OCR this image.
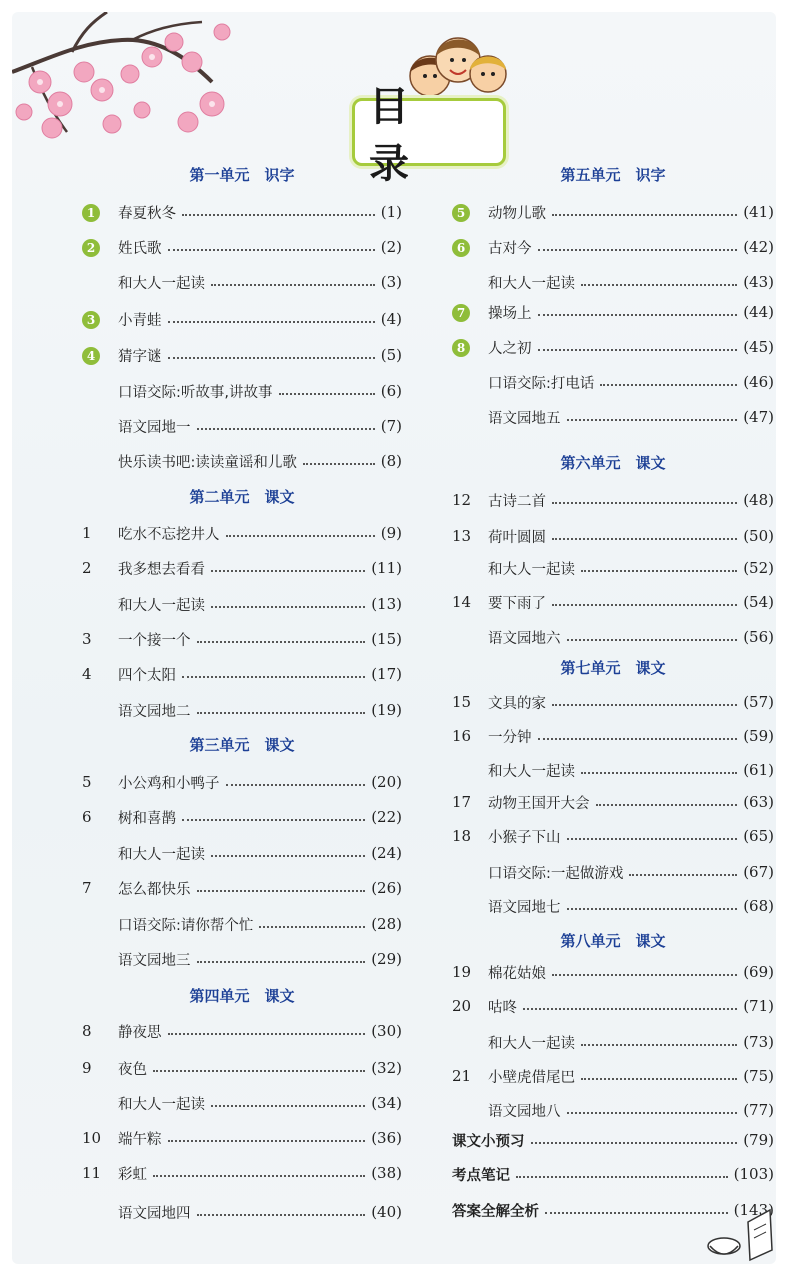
目 录
第一单元　识字
1	春夏秋冬	(1)
2	姓氏歌	(2)
和大人一起读	(3)
3	小青蛙	(4)
4	猜字谜	(5)
口语交际:听故事,讲故事	(6)
语文园地一	(7)
快乐读书吧:读读童谣和儿歌	(8)
第二单元　课文
1	吃水不忘挖井人	(9)
2	我多想去看看	(11)
和大人一起读	(13)
3	一个接一个	(15)
4	四个太阳	(17)
语文园地二	(19)
第三单元　课文
5	小公鸡和小鸭子	(20)
6	树和喜鹊	(22)
和大人一起读	(24)
7	怎么都快乐	(26)
口语交际:请你帮个忙	(28)
语文园地三	(29)
第四单元　课文
8	静夜思	(30)
9	夜色	(32)
和大人一起读	(34)
10	端午粽	(36)
11	彩虹	(38)
语文园地四	(40)
第五单元　识字
5	动物儿歌	(41)
6	古对今	(42)
和大人一起读	(43)
7	操场上	(44)
8	人之初	(45)
口语交际:打电话	(46)
语文园地五	(47)
第六单元　课文
12	古诗二首	(48)
13	荷叶圆圆	(50)
和大人一起读	(52)
14	要下雨了	(54)
语文园地六	(56)
第七单元　课文
15	文具的家	(57)
16	一分钟	(59)
和大人一起读	(61)
17	动物王国开大会	(63)
18	小猴子下山	(65)
口语交际:一起做游戏	(67)
语文园地七	(68)
第八单元　课文
19	棉花姑娘	(69)
20	咕咚	(71)
和大人一起读	(73)
21	小壁虎借尾巴	(75)
语文园地八	(77)
课文小预习	(79)
考点笔记	(103)
答案全解全析	(143)
